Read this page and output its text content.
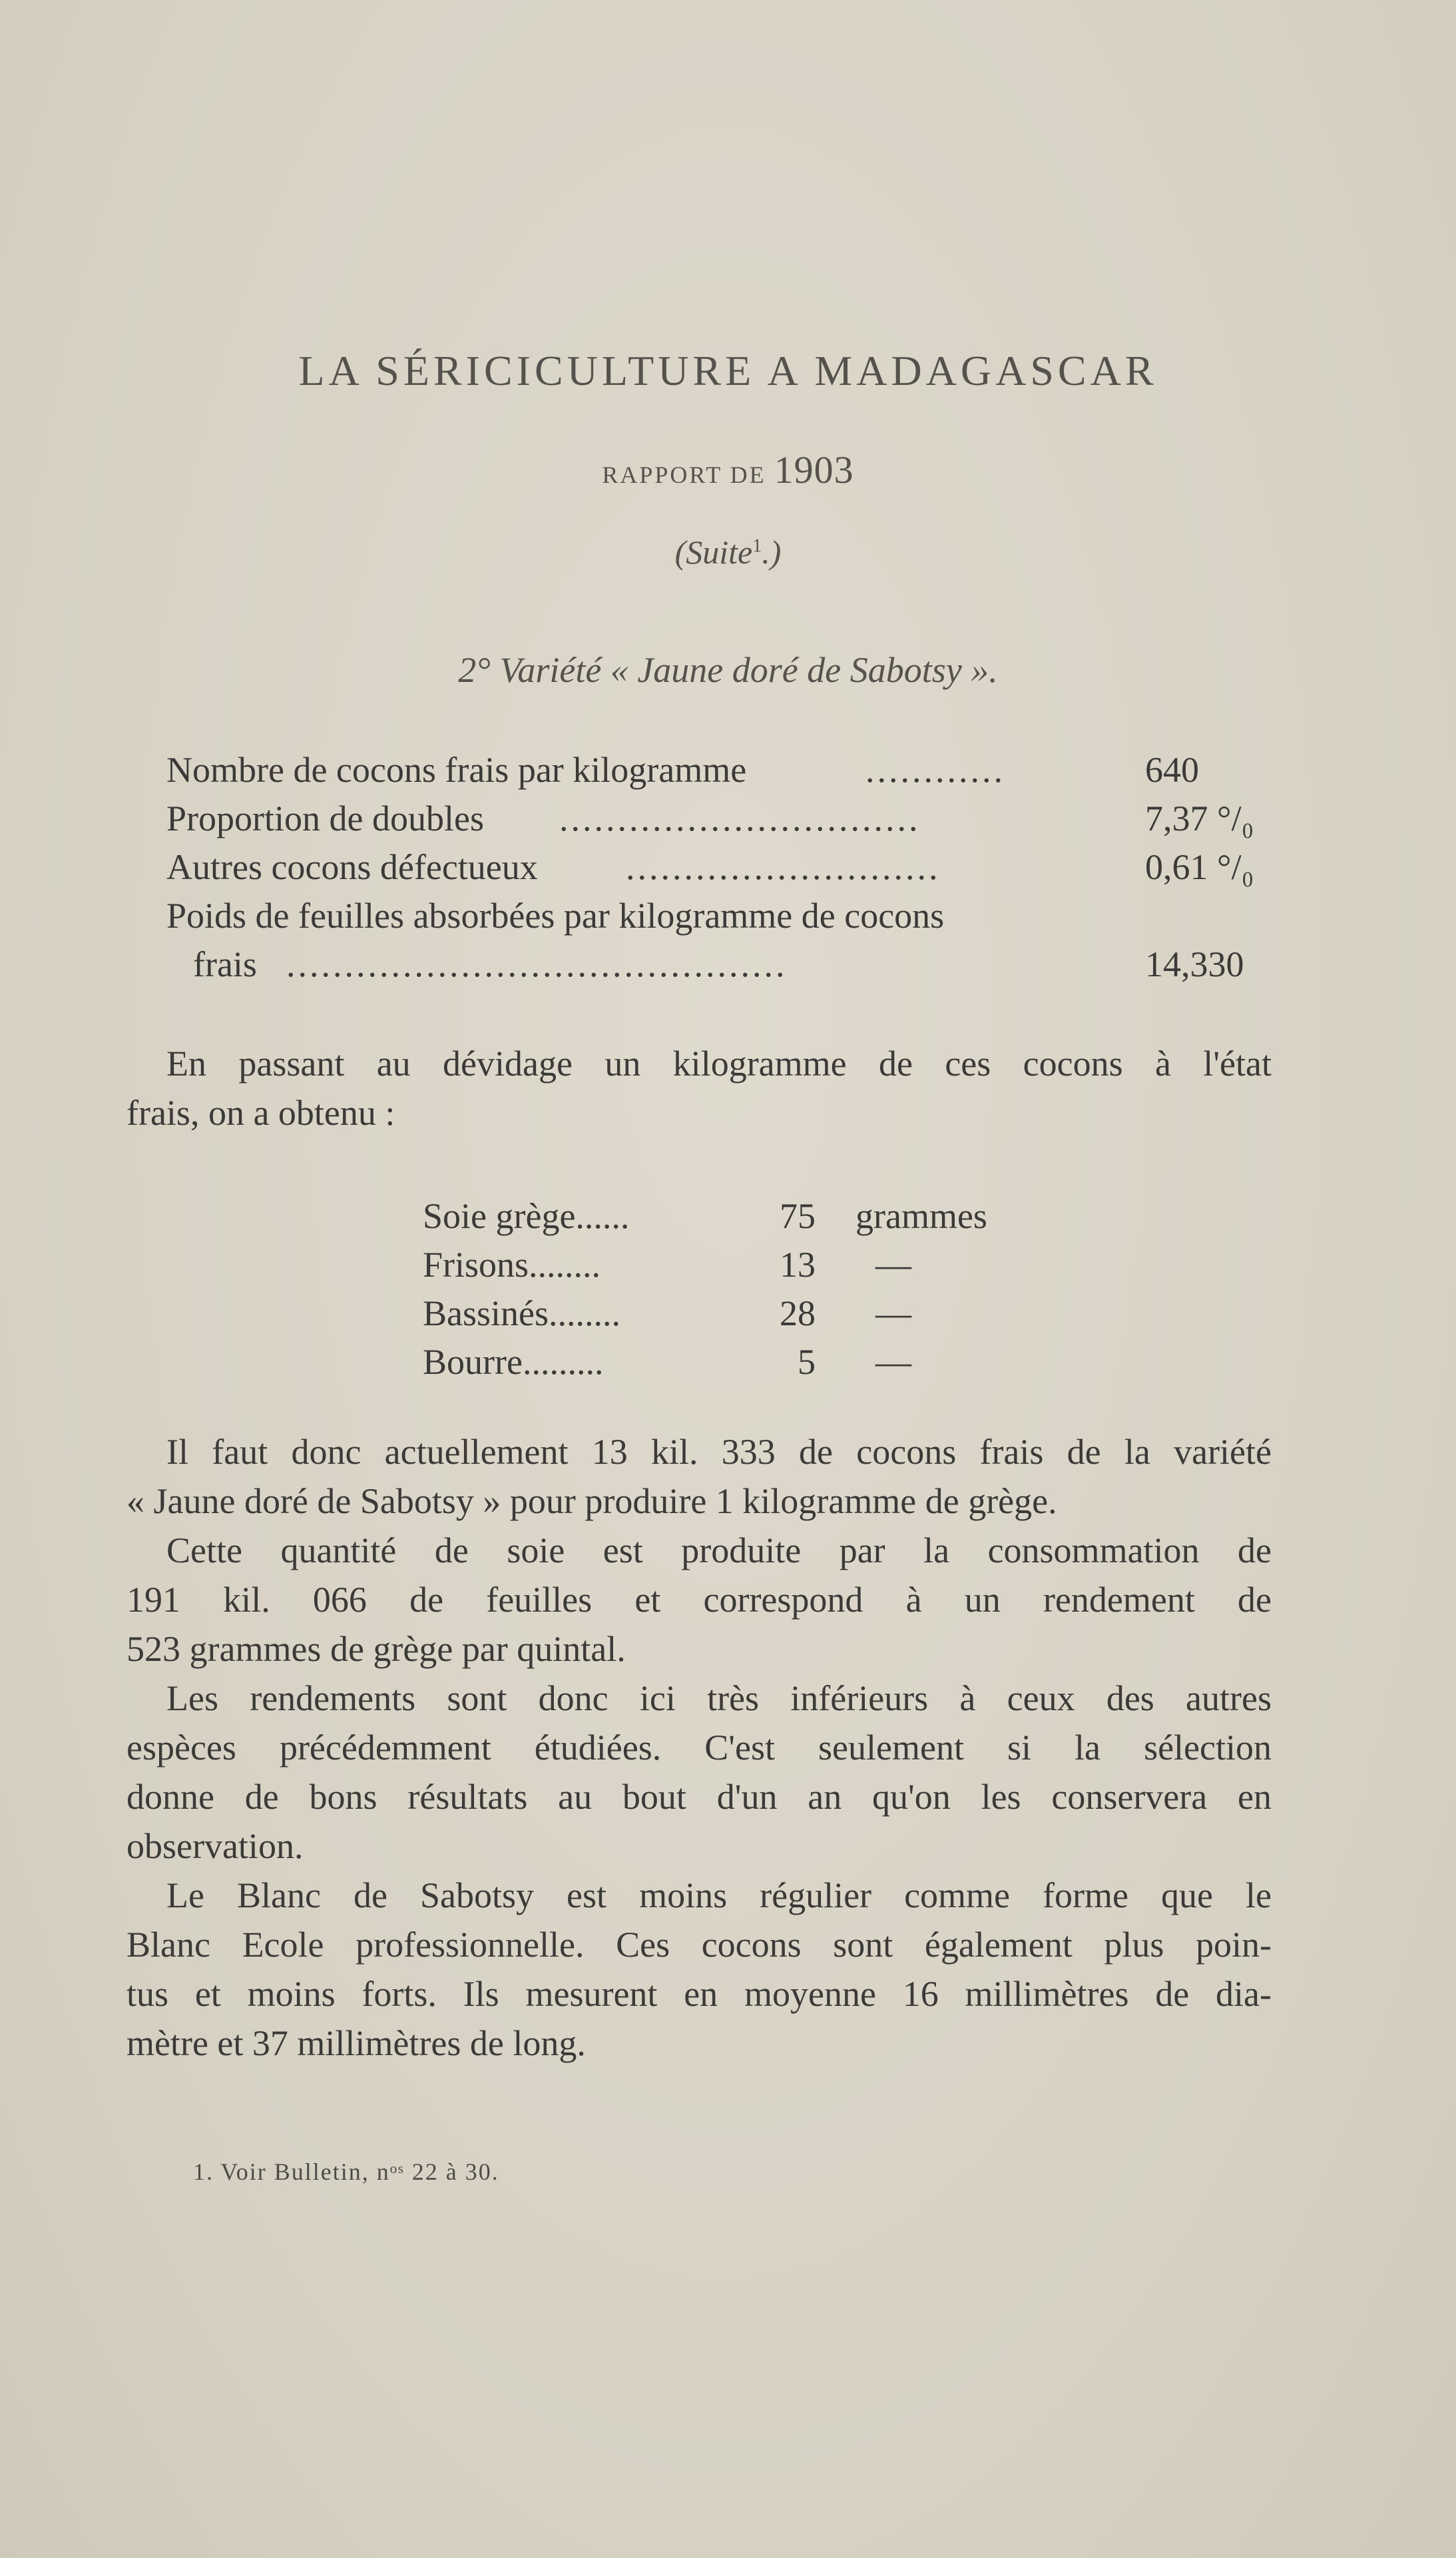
LA SÉRICICULTURE A MADAGASCAR
RAPPORT DE 1903
(Suite$^1$.)
2° Variété « Jaune doré de Sabotsy ».
Nombre de cocons frais par kilogramme	............	640
Proportion de doubles ...............................	7,37 °/₀
Autres cocons défectueux ...........................	0,61 °/₀
Poids de feuilles absorbées par kilogramme de cocons
frais ...........................................	14,330
En passant au dévidage un kilogramme de ces cocons à l'état
frais, on a obtenu :
Soie grège......	75 grammes
Frisons........	13 —
Bassinés........	28 —
Bourre.........	5 —
Il faut donc actuellement 13 kil. 333 de cocons frais de la variété
« Jaune doré de Sabotsy » pour produire 1 kilogramme de grège.
Cette quantité de soie est produite par la consommation de
191 kil. 066 de feuilles et correspond à un rendement de
523 grammes de grège par quintal.
Les rendements sont donc ici très inférieurs à ceux des autres
espèces précédemment étudiées. C'est seulement si la sélection
donne de bons résultats au bout d'un an qu'on les conservera en
observation.
Le Blanc de Sabotsy est moins régulier comme forme que le
Blanc Ecole professionnelle. Ces cocons sont également plus poin-
tus et moins forts. Ils mesurent en moyenne 16 millimètres de dia-
mètre et 37 millimètres de long.
1. Voir Bulletin, nᵒˢ 22 à 30.
